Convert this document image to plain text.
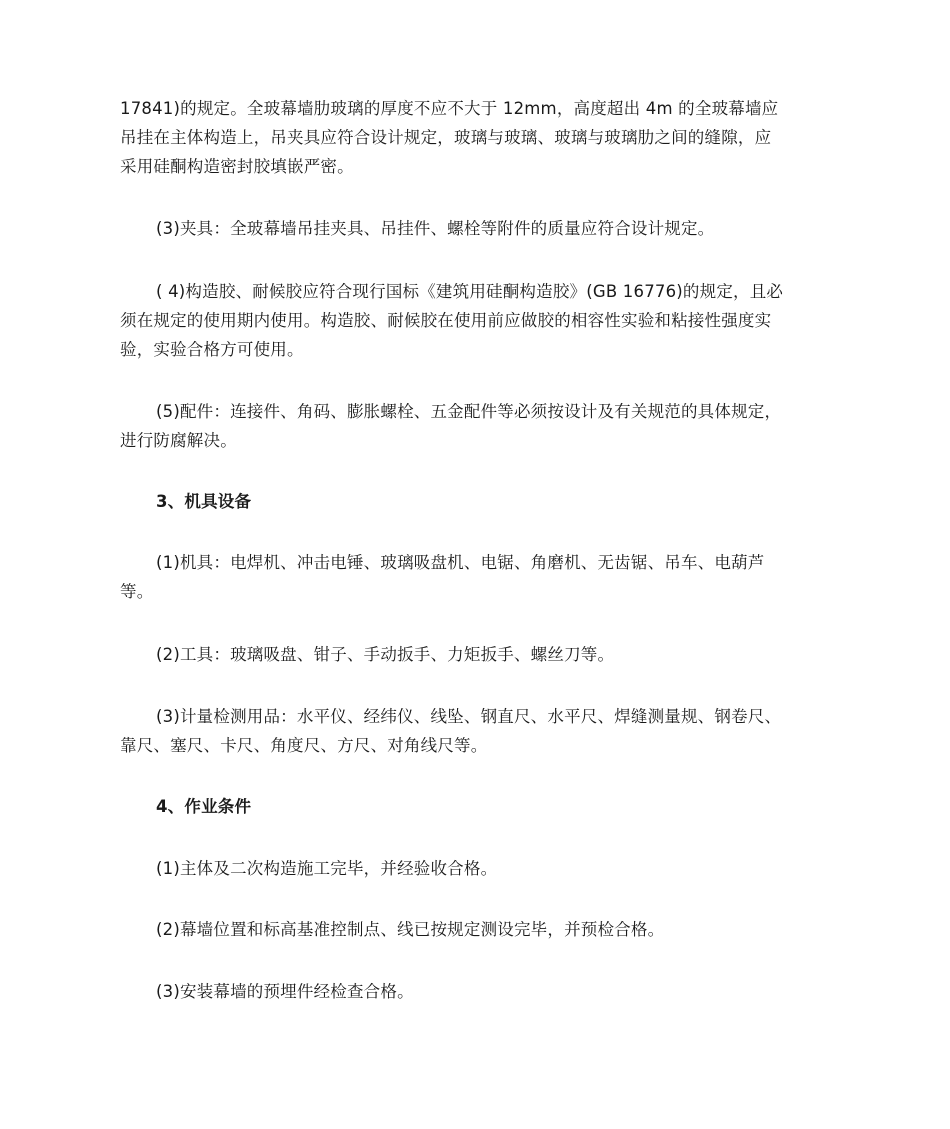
17841)的规定。全玻幕墙肋玻璃的厚度不应不大于 12mm，高度超出 4m 的全玻幕墙应
吊挂在主体构造上，吊夹具应符合设计规定，玻璃与玻璃、玻璃与玻璃肋之间的缝隙，应
采用硅酮构造密封胶填嵌严密。

(3)夹具：全玻幕墙吊挂夹具、吊挂件、螺栓等附件的质量应符合设计规定。

( 4)构造胶、耐候胶应符合现行国标《建筑用硅酮构造胶》(GB 16776)的规定，且必
须在规定的使用期内使用。构造胶、耐候胶在使用前应做胶的相容性实验和粘接性强度实
验，实验合格方可使用。

(5)配件：连接件、角码、膨胀螺栓、五金配件等必须按设计及有关规范的具体规定，
进行防腐解决。

3、机具设备

(1)机具：电焊机、冲击电锤、玻璃吸盘机、电锯、角磨机、无齿锯、吊车、电葫芦
等。

(2)工具：玻璃吸盘、钳子、手动扳手、力矩扳手、螺丝刀等。

(3)计量检测用品：水平仪、经纬仪、线坠、钢直尺、水平尺、焊缝测量规、钢卷尺、
靠尺、塞尺、卡尺、角度尺、方尺、对角线尺等。

4、作业条件

(1)主体及二次构造施工完毕，并经验收合格。

(2)幕墙位置和标高基准控制点、线已按规定测设完毕，并预检合格。

(3)安装幕墙的预埋件经检查合格。
